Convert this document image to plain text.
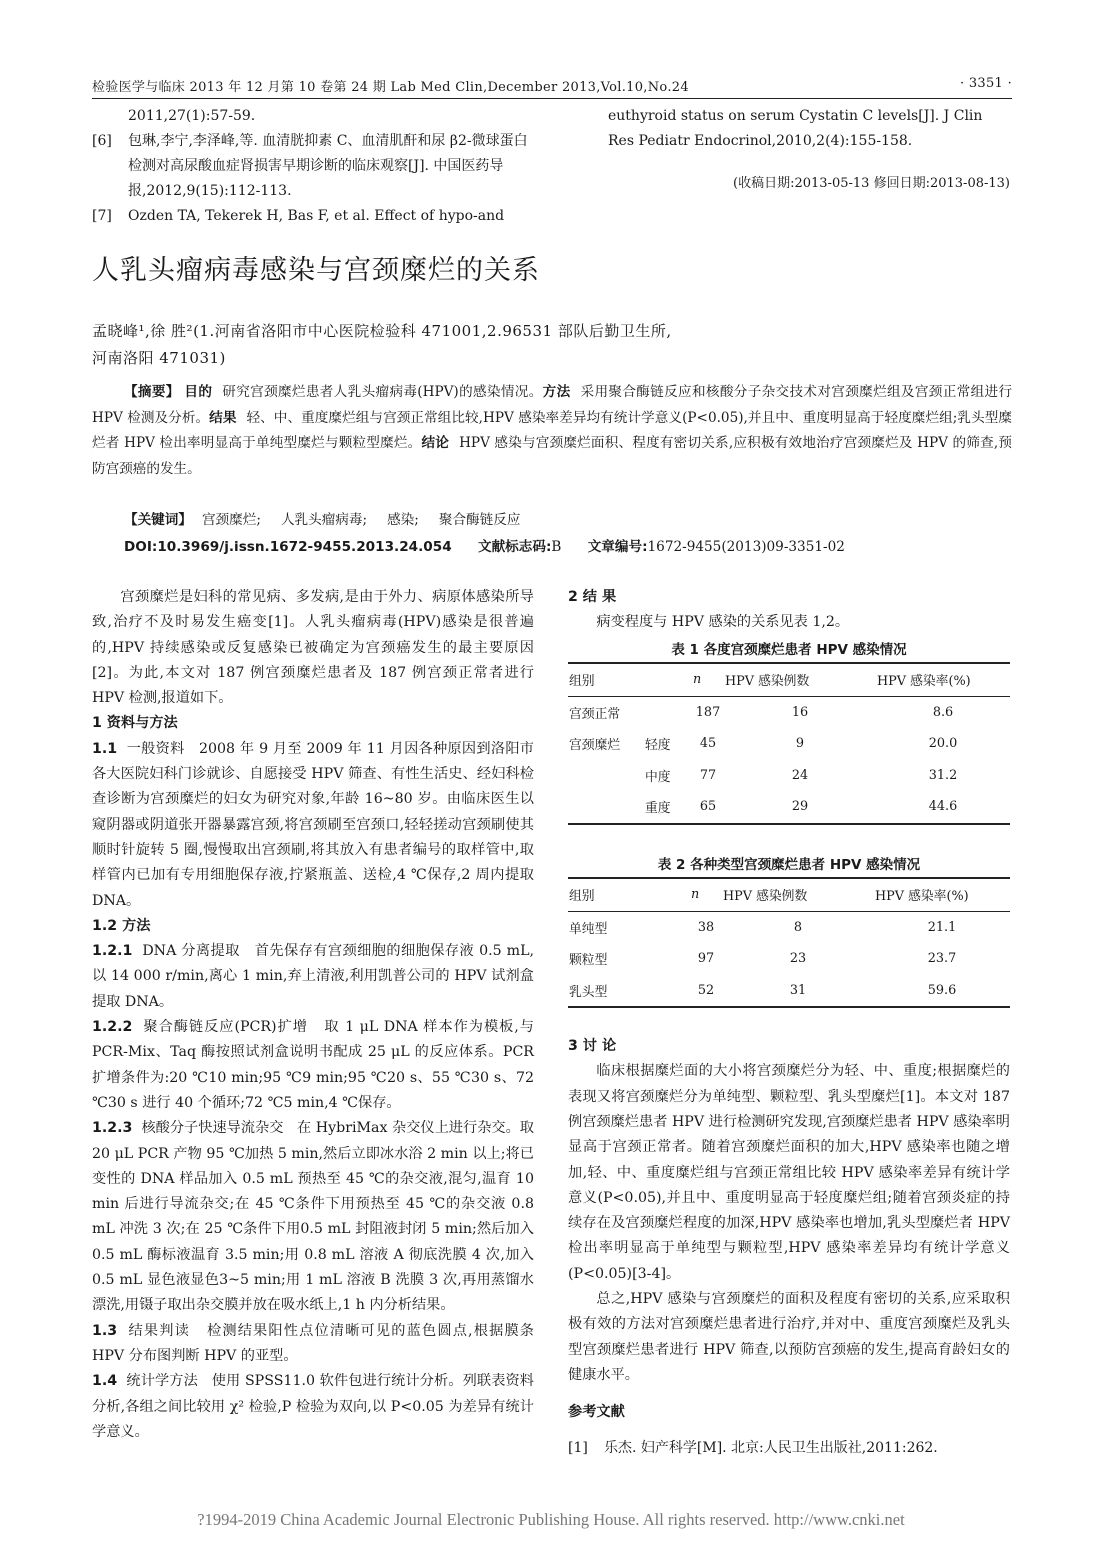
检验医学与临床 2013 年 12 月第 10 卷第 24 期 Lab Med Clin,December 2013,Vol.10,No.24	· 3351 ·
2011,27(1):57-59.
[6]	包琳,李宁,李泽峰,等. 血清胱抑素 C、血清肌酐和尿 β2-微球蛋白检测对高尿酸血症肾损害早期诊断的临床观察[J]. 中国医药导报,2012,9(15):112-113.
[7]	Ozden TA, Tekerek H, Bas F, et al. Effect of hypo-and
euthyroid status on serum Cystatin C levels[J]. J Clin Res Pediatr Endocrinol,2010,2(4):155-158.
(收稿日期:2013-05-13 修回日期:2013-08-13)
人乳头瘤病毒感染与宫颈糜烂的关系
孟晓峰¹,徐 胜²(1.河南省洛阳市中心医院检验科 471001,2.96531 部队后勤卫生所,
河南洛阳 471031)
【摘要】 目的 研究宫颈糜烂患者人乳头瘤病毒(HPV)的感染情况。方法 采用聚合酶链反应和核酸分子杂交技术对宫颈糜烂组及宫颈正常组进行 HPV 检测及分析。结果 轻、中、重度糜烂组与宫颈正常组比较,HPV 感染率差异均有统计学意义(P<0.05),并且中、重度明显高于轻度糜烂组;乳头型糜烂者 HPV 检出率明显高于单纯型糜烂与颗粒型糜烂。结论 HPV 感染与宫颈糜烂面积、程度有密切关系,应积极有效地治疗宫颈糜烂及 HPV 的筛查,预防宫颈癌的发生。
【关键词】 宫颈糜烂; 人乳头瘤病毒; 感染; 聚合酶链反应
DOI:10.3969/j.issn.1672-9455.2013.24.054 文献标志码:B 文章编号:1672-9455(2013)09-3351-02

宫颈糜烂是妇科的常见病、多发病,是由于外力、病原体感染所导致,治疗不及时易发生癌变[1]。人乳头瘤病毒(HPV)感染是很普遍的,HPV 持续感染或反复感染已被确定为宫颈癌发生的最主要原因[2]。为此,本文对 187 例宫颈糜烂患者及 187 例宫颈正常者进行 HPV 检测,报道如下。

1 资料与方法

1.1 一般资料 2008 年 9 月至 2009 年 11 月因各种原因到洛阳市各大医院妇科门诊就诊、自愿接受 HPV 筛查、有性生活史、经妇科检查诊断为宫颈糜烂的妇女为研究对象,年龄 16~80 岁。由临床医生以窥阴器或阴道张开器暴露宫颈,将宫颈刷至宫颈口,轻轻搓动宫颈刷使其顺时针旋转 5 圈,慢慢取出宫颈刷,将其放入有患者编号的取样管中,取样管内已加有专用细胞保存液,拧紧瓶盖、送检,4 ℃保存,2 周内提取 DNA。

1.2 方法

1.2.1 DNA 分离提取 首先保存有宫颈细胞的细胞保存液 0.5 mL,以 14 000 r/min,离心 1 min,弃上清液,利用凯普公司的 HPV 试剂盒提取 DNA。

1.2.2 聚合酶链反应(PCR)扩增 取 1 μL DNA 样本作为模板,与 PCR-Mix、Taq 酶按照试剂盒说明书配成 25 μL 的反应体系。PCR 扩增条件为:20 ℃10 min;95 ℃9 min;95 ℃20 s、55 ℃30 s、72 ℃30 s 进行 40 个循环;72 ℃5 min,4 ℃保存。

1.2.3 核酸分子快速导流杂交 在 HybriMax 杂交仪上进行杂交。取 20 μL PCR 产物 95 ℃加热 5 min,然后立即冰水浴 2 min 以上;将已变性的 DNA 样品加入 0.5 mL 预热至 45 ℃的杂交液,混匀,温育 10 min 后进行导流杂交;在 45 ℃条件下用预热至 45 ℃的杂交液 0.8 mL 冲洗 3 次;在 25 ℃条件下用0.5 mL 封阻液封闭 5 min;然后加入 0.5 mL 酶标液温育 3.5 min;用 0.8 mL 溶液 A 彻底洗膜 4 次,加入 0.5 mL 显色液显色3~5 min;用 1 mL 溶液 B 洗膜 3 次,再用蒸馏水漂洗,用镊子取出杂交膜并放在吸水纸上,1 h 内分析结果。

1.3 结果判读 检测结果阳性点位清晰可见的蓝色圆点,根据膜条 HPV 分布图判断 HPV 的亚型。

1.4 统计学方法 使用 SPSS11.0 软件包进行统计分析。列联表资料分析,各组之间比较用 χ² 检验,P 检验为双向,以 P<0.05 为差异有统计学意义。

2 结 果

病变程度与 HPV 感染的关系见表 1,2。

表 1 各度宫颈糜烂患者 HPV 感染情况
组别		n	HPV 感染例数	HPV 感染率(%)
宫颈正常		187	16	8.6
宫颈糜烂	轻度	45	9	20.0
	中度	77	24	31.2
	重度	65	29	44.6
表 2 各种类型宫颈糜烂患者 HPV 感染情况
组别	n	HPV 感染例数	HPV 感染率(%)
单纯型	38	8	21.1
颗粒型	97	23	23.7
乳头型	52	31	59.6
3 讨 论

临床根据糜烂面的大小将宫颈糜烂分为轻、中、重度;根据糜烂的表现又将宫颈糜烂分为单纯型、颗粒型、乳头型糜烂[1]。本文对 187 例宫颈糜烂患者 HPV 进行检测研究发现,宫颈糜烂患者 HPV 感染率明显高于宫颈正常者。随着宫颈糜烂面积的加大,HPV 感染率也随之增加,轻、中、重度糜烂组与宫颈正常组比较 HPV 感染率差异有统计学意义(P<0.05),并且中、重度明显高于轻度糜烂组;随着宫颈炎症的持续存在及宫颈糜烂程度的加深,HPV 感染率也增加,乳头型糜烂者 HPV 检出率明显高于单纯型与颗粒型,HPV 感染率差异均有统计学意义(P<0.05)[3-4]。

总之,HPV 感染与宫颈糜烂的面积及程度有密切的关系,应采取积极有效的方法对宫颈糜烂患者进行治疗,并对中、重度宫颈糜烂及乳头型宫颈糜烂患者进行 HPV 筛查,以预防宫颈癌的发生,提高育龄妇女的健康水平。

参考文献
[1]	乐杰. 妇产科学[M]. 北京:人民卫生出版社,2011:262.
?1994-2019 China Academic Journal Electronic Publishing House. All rights reserved. http://www.cnki.net
